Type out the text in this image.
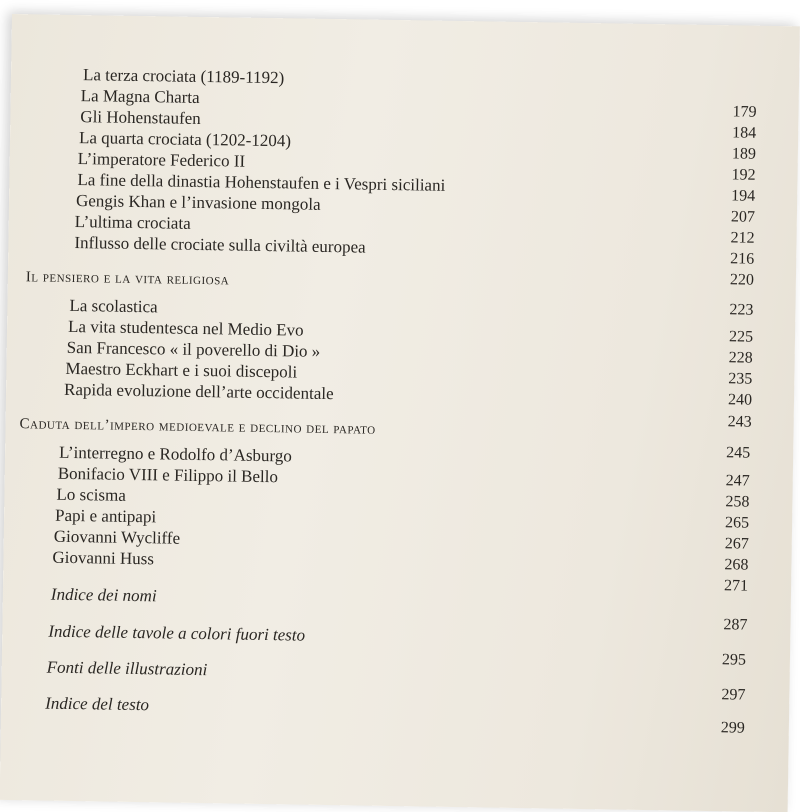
La terza crociata (1189-1192)
La Magna Charta
Gli Hohenstaufen
La quarta crociata (1202-1204)
L’imperatore Federico II
La fine della dinastia Hohenstaufen e i Vespri siciliani
Gengis Khan e l’invasione mongola
L’ultima crociata
Influsso delle crociate sulla civiltà europea
Il pensiero e la vita religiosa
La scolastica
La vita studentesca nel Medio Evo
San Francesco « il poverello di Dio »
Maestro Eckhart e i suoi discepoli
Rapida evoluzione dell’arte occidentale
Caduta dell’impero medioevale e declino del papato
L’interregno e Rodolfo d’Asburgo
Bonifacio VIII e Filippo il Bello
Lo scisma
Papi e antipapi
Giovanni Wycliffe
Giovanni Huss
Indice dei nomi
Indice delle tavole a colori fuori testo
Fonti delle illustrazioni
Indice del testo
179
184
189
192
194
207
212
216
220
223
225
228
235
240
243
245
247
258
265
267
268
271
287
295
297
299
